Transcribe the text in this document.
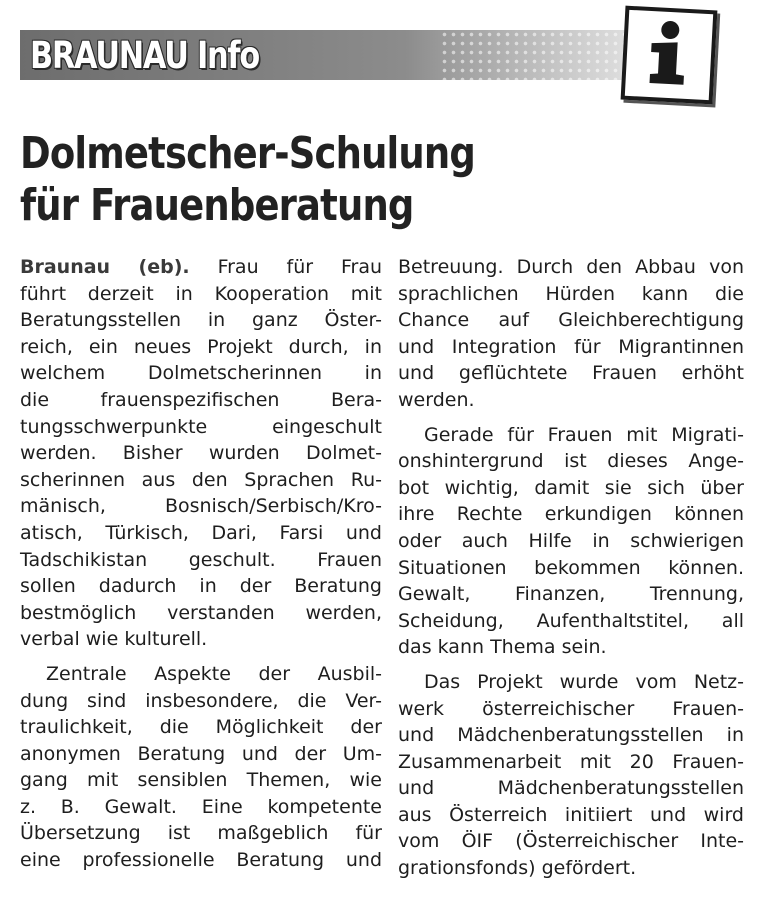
BRAUNAU Info
Dolmetscher-Schulung
für Frauenberatung

Braunau (eb). Frau für Frau
führt derzeit in Kooperation mit
Beratungsstellen in ganz Öster-
reich, ein neues Projekt durch, in
welchem Dolmetscherinnen in
die frauenspezifischen Bera-
tungsschwerpunkte eingeschult
werden. Bisher wurden Dolmet-
scherinnen aus den Sprachen Ru-
mänisch, Bosnisch/Serbisch/Kro-
atisch, Türkisch, Dari, Farsi und
Tadschikistan geschult. Frauen
sollen dadurch in der Beratung
bestmöglich verstanden werden,
verbal wie kulturell.

Zentrale Aspekte der Ausbil-
dung sind insbesondere, die Ver-
traulichkeit, die Möglichkeit der
anonymen Beratung und der Um-
gang mit sensiblen Themen, wie
z. B. Gewalt. Eine kompetente
Übersetzung ist maßgeblich für
eine professionelle Beratung und

Betreuung. Durch den Abbau von
sprachlichen Hürden kann die
Chance auf Gleichberechtigung
und Integration für Migrantinnen
und geflüchtete Frauen erhöht
werden.

Gerade für Frauen mit Migrati-
onshintergrund ist dieses Ange-
bot wichtig, damit sie sich über
ihre Rechte erkundigen können
oder auch Hilfe in schwierigen
Situationen bekommen können.
Gewalt, Finanzen, Trennung,
Scheidung, Aufenthaltstitel, all
das kann Thema sein.

Das Projekt wurde vom Netz-
werk österreichischer Frauen-
und Mädchenberatungsstellen in
Zusammenarbeit mit 20 Frauen-
und Mädchenberatungsstellen
aus Österreich initiiert und wird
vom ÖIF (Österreichischer Inte-
grationsfonds) gefördert.
